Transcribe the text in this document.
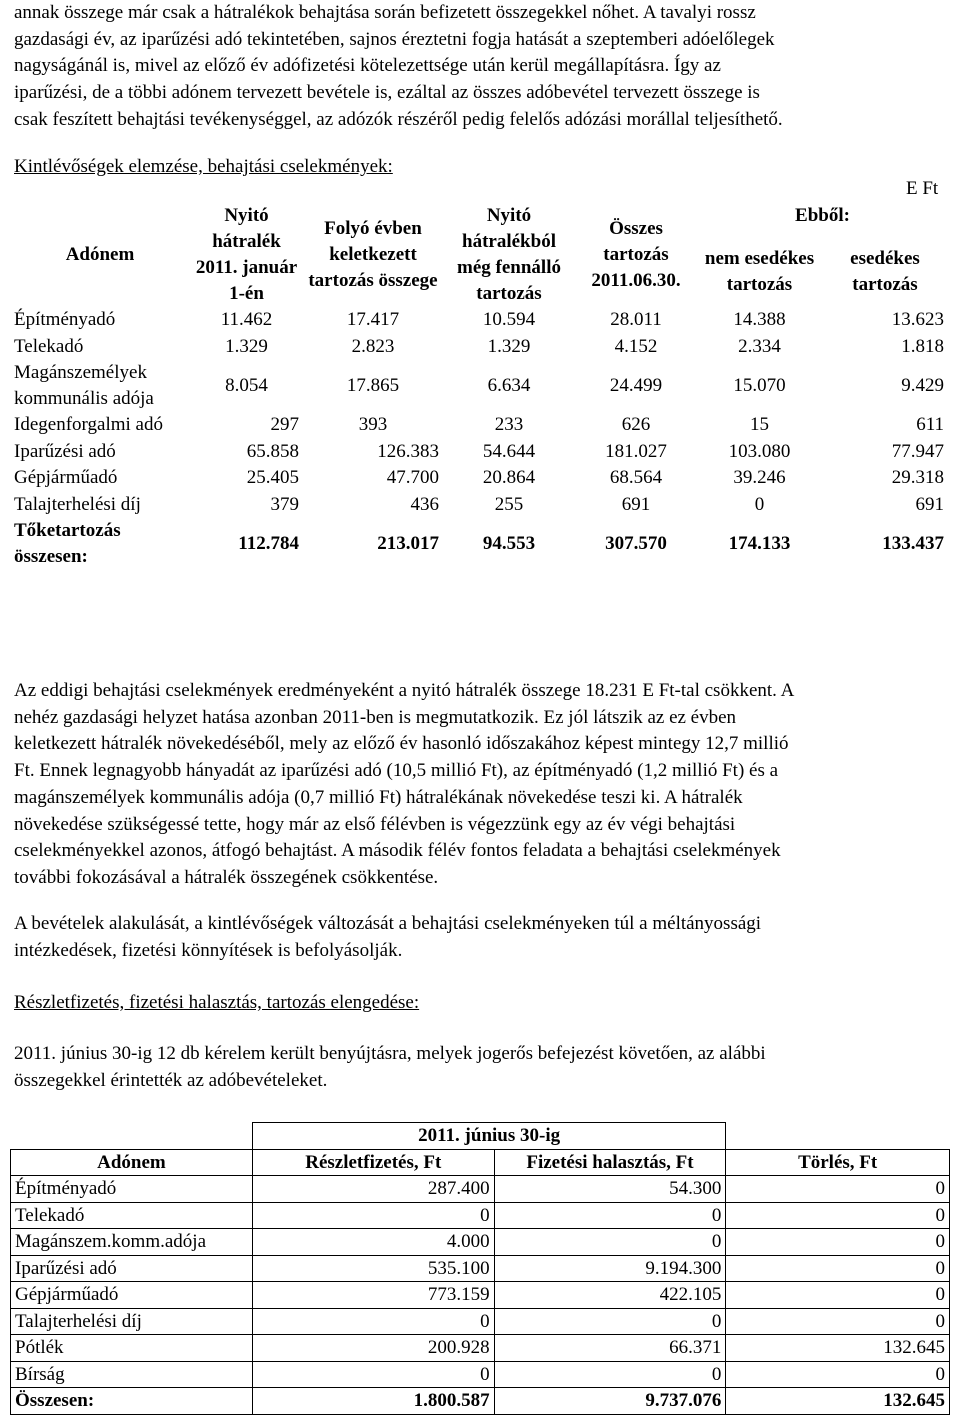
annak összege már csak a hátralékok behajtása során befizetett összegekkel nőhet. A tavalyi rossz
gazdasági év, az iparűzési adó tekintetében, sajnos éreztetni fogja hatását a szeptemberi adóelőlegek
nagyságánál is, mivel az előző év adófizetési kötelezettsége után kerül megállapításra. Így az
iparűzési, de a többi adónem tervezett bevétele is, ezáltal az összes adóbevétel tervezett összege is
csak feszített behajtási tevékenységgel, az adózók részéről pedig felelős adózási morállal teljesíthető.

Kintlévőségek elemzése, behajtási cselekmények:

E Ft

Adónem	Nyitó hátralék 2011. január 1-én	Folyó évben keletkezett tartozás összege	Nyitó hátralékból még fennálló tartozás	Összes tartozás 2011.06.30.	Ebből:	
					nem esedékes tartozás	esedékes tartozás
Építményadó	11.462	17.417	10.594	28.011	14.388	13.623
Telekadó	1.329	2.823	1.329	4.152	2.334	1.818
Magánszemélyek kommunális adója	8.054	17.865	6.634	24.499	15.070	9.429
Idegenforgalmi adó	297	393	233	626	15	611
Iparűzési adó	65.858	126.383	54.644	181.027	103.080	77.947
Gépjárműadó	25.405	47.700	20.864	68.564	39.246	29.318
Talajterhelési díj	379	436	255	691	0	691
Tőketartozás összesen:	112.784	213.017	94.553	307.570	174.133	133.437
Az eddigi behajtási cselekmények eredményeként a nyitó hátralék összege 18.231 E Ft-tal csökkent. A
nehéz gazdasági helyzet hatása azonban 2011-ben is megmutatkozik. Ez jól látszik az ez évben
keletkezett hátralék növekedéséből, mely az előző év hasonló időszakához képest mintegy 12,7 millió
Ft. Ennek legnagyobb hányadát az iparűzési adó (10,5 millió Ft), az építményadó (1,2 millió Ft) és a
magánszemélyek kommunális adója (0,7 millió Ft) hátralékának növekedése teszi ki. A hátralék
növekedése szükségessé tette, hogy már az első félévben is végezzünk egy az év végi behajtási
cselekményekkel azonos, átfogó behajtást. A második félév fontos feladata a behajtási cselekmények
további fokozásával a hátralék összegének csökkentése.
A bevételek alakulását, a kintlévőségek változását a behajtási cselekményeken túl a méltányossági
intézkedések, fizetési könnyítések is befolyásolják.

Részletfizetés, fizetési halasztás, tartozás elengedése:

2011. június 30-ig 12 db kérelem került benyújtásra, melyek jogerős befejezést követően, az alábbi
összegekkel érintették az adóbevételeket.
	2011. június 30-ig		
Adónem	Részletfizetés, Ft	Fizetési halasztás, Ft	Törlés, Ft
Építményadó	287.400	54.300	0
Telekadó	0	0	0
Magánszem.komm.adója	4.000	0	0
Iparűzési adó	535.100	9.194.300	0
Gépjárműadó	773.159	422.105	0
Talajterhelési díj	0	0	0
Pótlék	200.928	66.371	132.645
Bírság	0	0	0
Összesen:	1.800.587	9.737.076	132.645
